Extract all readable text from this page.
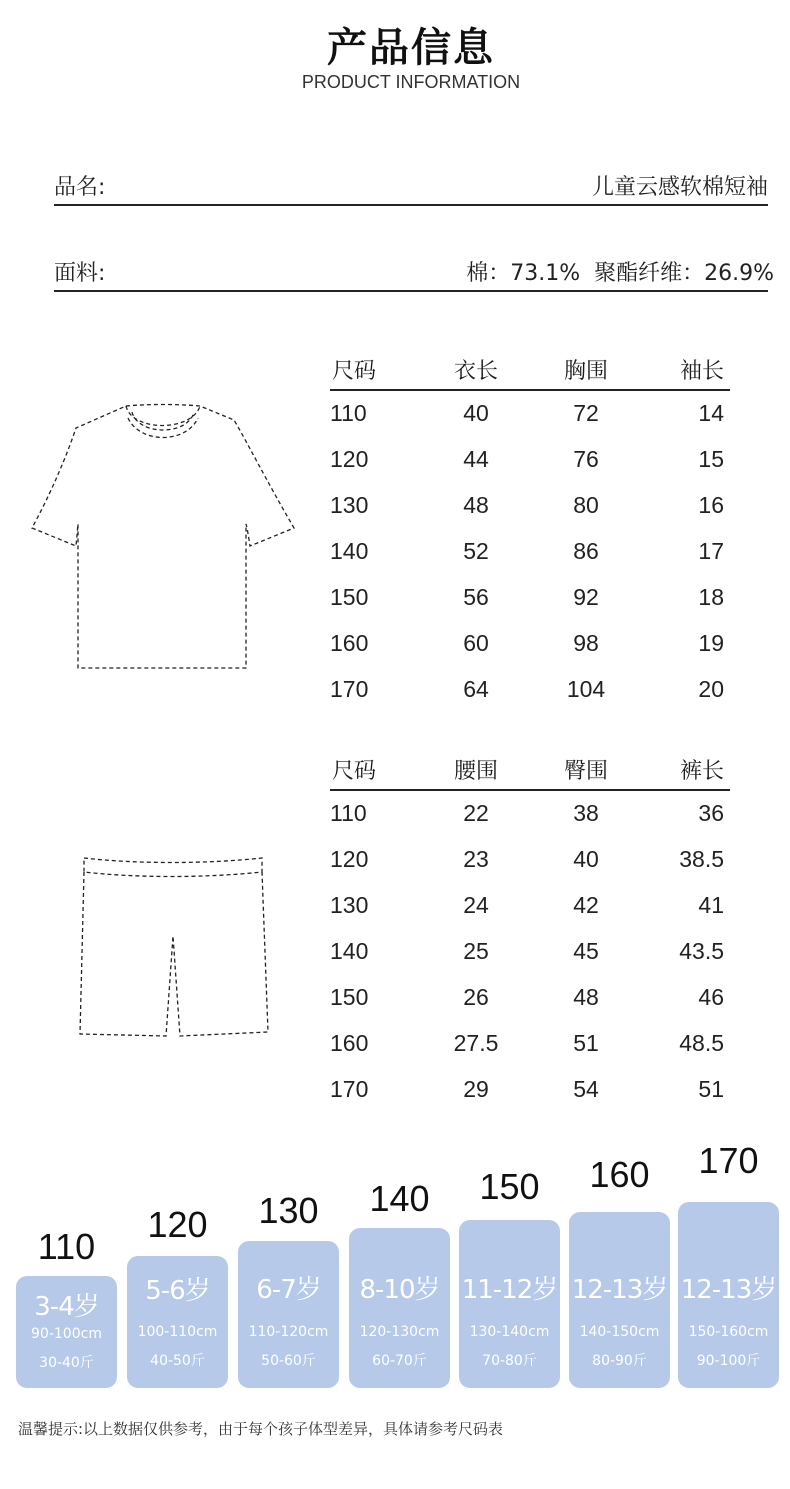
产品信息
PRODUCT INFORMATION
品名:	儿童云感软棉短袖
面料:	棉：73.1%  聚酯纤维：26.9%
尺码	衣长	胸围	袖长
110	40	72	14
120	44	76	15
130	48	80	16
140	52	86	17
150	56	92	18
160	60	98	19
170	64	104	20
尺码	腰围	臀围	裤长
110	22	38	36
120	23	40	38.5
130	24	42	41
140	25	45	43.5
150	26	48	46
160	27.5	51	48.5
170	29	54	51
110
3-4岁
90-100cm
30-40斤
120
5-6岁
100-110cm
40-50斤
130
6-7岁
110-120cm
50-60斤
140
8-10岁
120-130cm
60-70斤
150
11-12岁
130-140cm
70-80斤
160
12-13岁
140-150cm
80-90斤
170
12-13岁
150-160cm
90-100斤
温馨提示:以上数据仅供参考，由于每个孩子体型差异，具体请参考尺码表
